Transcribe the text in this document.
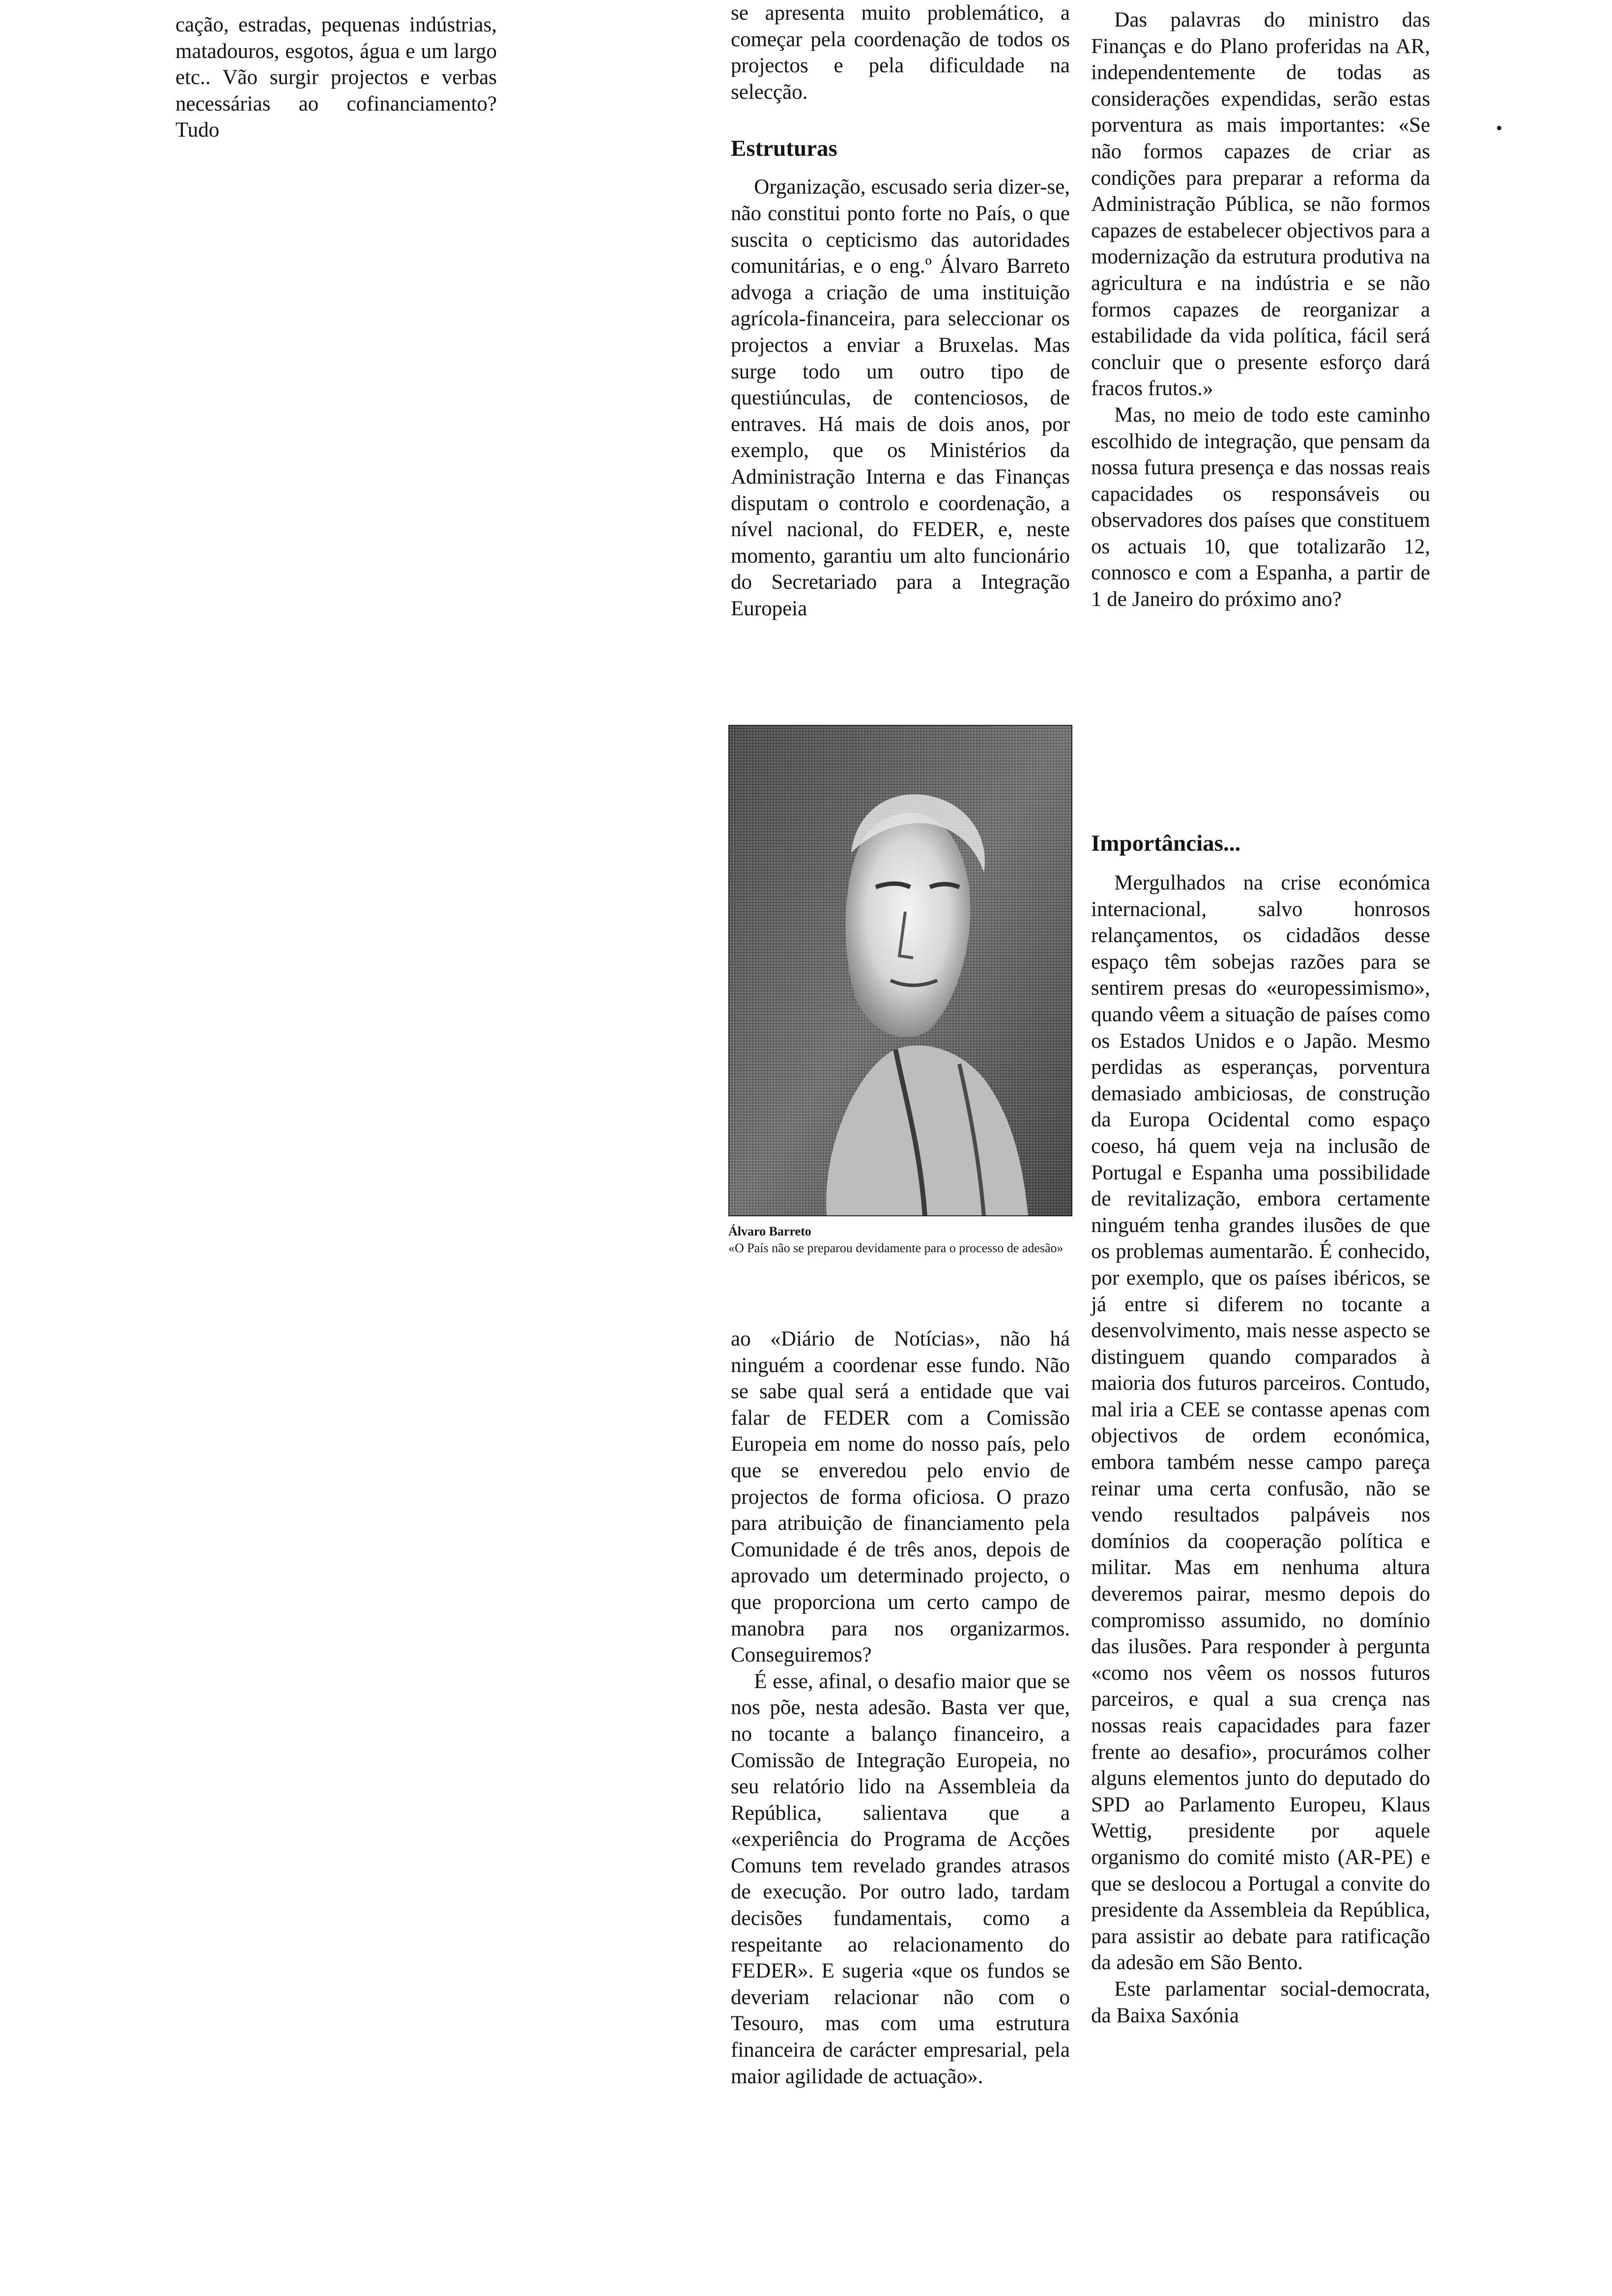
cação, estradas, pequenas indústrias, matadouros, esgotos, água e um largo etc.. Vão surgir projectos e verbas necessárias ao cofinanciamento? Tudo

se apresenta muito problemático, a começar pela coordenação de todos os projectos e pela dificuldade na selecção.

Estruturas

Organização, escusado seria dizer-se, não constitui ponto forte no País, o que suscita o cepticismo das autoridades comunitárias, e o eng.º Álvaro Barreto advoga a criação de uma instituição agrícola-financeira, para seleccionar os projectos a enviar a Bruxelas. Mas surge todo um outro tipo de questiúnculas, de contenciosos, de entraves. Há mais de dois anos, por exemplo, que os Ministérios da Administração Interna e das Finanças disputam o controlo e coordenação, a nível nacional, do FEDER, e, neste momento, garantiu um alto funcionário do Secretariado para a Integração Europeia

Álvaro Barreto
«O País não se preparou devidamente para o processo de adesão»

ao «Diário de Notícias», não há ninguém a coordenar esse fundo. Não se sabe qual será a entidade que vai falar de FEDER com a Comissão Europeia em nome do nosso país, pelo que se enveredou pelo envio de projectos de forma oficiosa. O prazo para atribuição de financiamento pela Comunidade é de três anos, depois de aprovado um determinado projecto, o que proporciona um certo campo de manobra para nos organizarmos. Conseguiremos?

É esse, afinal, o desafio maior que se nos põe, nesta adesão. Basta ver que, no tocante a balanço financeiro, a Comissão de Integração Europeia, no seu relatório lido na Assembleia da República, salientava que a «experiência do Programa de Acções Comuns tem revelado grandes atrasos de execução. Por outro lado, tardam decisões fundamentais, como a respeitante ao relacionamento do FEDER». E sugeria «que os fundos se deveriam relacionar não com o Tesouro, mas com uma estrutura financeira de carácter empresarial, pela maior agilidade de actuação».

Das palavras do ministro das Finanças e do Plano proferidas na AR, independentemente de todas as considerações expendidas, serão estas porventura as mais importantes: «Se não formos capazes de criar as condições para preparar a reforma da Administração Pública, se não formos capazes de estabelecer objectivos para a modernização da estrutura produtiva na agricultura e na indústria e se não formos capazes de reorganizar a estabilidade da vida política, fácil será concluir que o presente esforço dará fracos frutos.»

Mas, no meio de todo este caminho escolhido de integração, que pensam da nossa futura presença e das nossas reais capacidades os responsáveis ou observadores dos países que constituem os actuais 10, que totalizarão 12, connosco e com a Espanha, a partir de 1 de Janeiro do próximo ano?

Importâncias...

Mergulhados na crise económica internacional, salvo honrosos relançamentos, os cidadãos desse espaço têm sobejas razões para se sentirem presas do «europessimismo», quando vêem a situação de países como os Estados Unidos e o Japão. Mesmo perdidas as esperanças, porventura demasiado ambiciosas, de construção da Europa Ocidental como espaço coeso, há quem veja na inclusão de Portugal e Espanha uma possibilidade de revitalização, embora certamente ninguém tenha grandes ilusões de que os problemas aumentarão. É conhecido, por exemplo, que os países ibéricos, se já entre si diferem no tocante a desenvolvimento, mais nesse aspecto se distinguem quando comparados à maioria dos futuros parceiros. Contudo, mal iria a CEE se contasse apenas com objectivos de ordem económica, embora também nesse campo pareça reinar uma certa confusão, não se vendo resultados palpáveis nos domínios da cooperação política e militar. Mas em nenhuma altura deveremos pairar, mesmo depois do compromisso assumido, no domínio das ilusões. Para responder à pergunta «como nos vêem os nossos futuros parceiros, e qual a sua crença nas nossas reais capacidades para fazer frente ao desafio», procurámos colher alguns elementos junto do deputado do SPD ao Parlamento Europeu, Klaus Wettig, presidente por aquele organismo do comité misto (AR-PE) e que se deslocou a Portugal a convite do presidente da Assembleia da República, para assistir ao debate para ratificação da adesão em São Bento.

Este parlamentar social-democrata, da Baixa Saxónia
